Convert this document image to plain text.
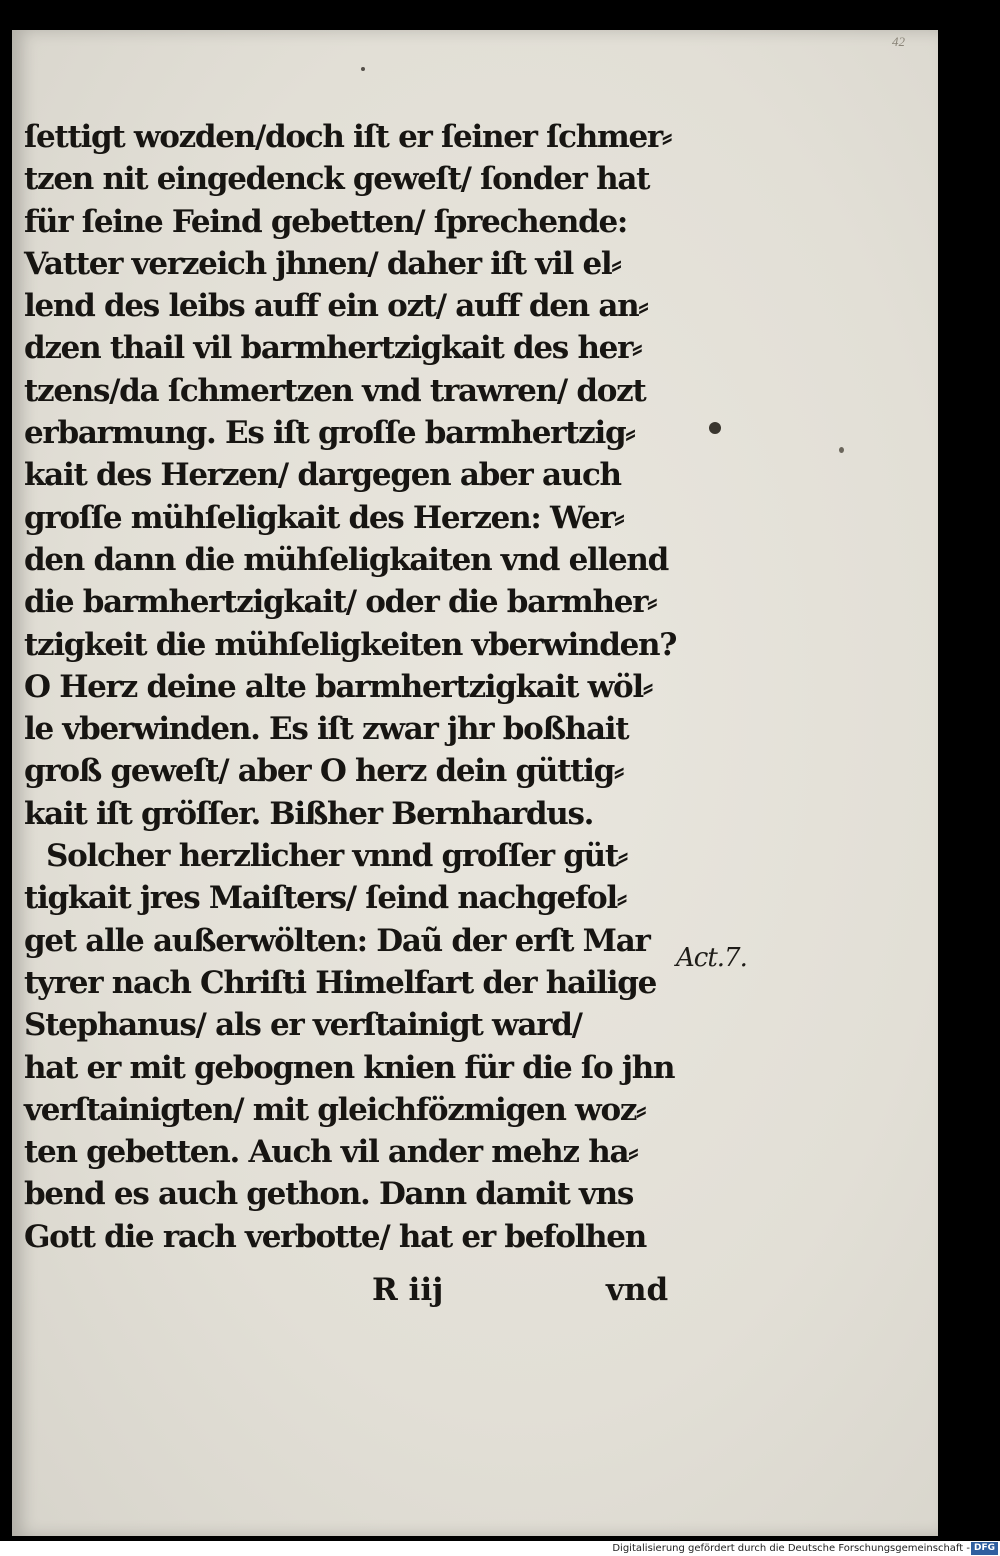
42
ſettigt wozden/doch iſt er ſeiner ſchmer⸗
tzen nit eingedenck geweſt/ ſonder hat
für ſeine Feind gebetten/ ſprechende:
Vatter verzeich jhnen/ daher iſt vil el⸗
lend des leibs auff ein ozt/ auff den an⸗
dzen thail vil barmhertzigkait des her⸗
tzens/da ſchmertzen vnd trawren/ dozt
erbarmung. Es iſt groſſe barmhertzig⸗
kait des Herzen/ dargegen aber auch
groſſe mühſeligkait des Herzen: Wer⸗
den dann die mühſeligkaiten vnd ellend
die barmhertzigkait/ oder die barmher⸗
tzigkeit die mühſeligkeiten vberwinden?
O Herz deine alte barmhertzigkait wöl⸗
le vberwinden. Es iſt zwar jhr boßhait
groß geweſt/ aber O herz dein güttig⸗
kait iſt gröſſer. Bißher Bernhardus.
Solcher herzlicher vnnd groſſer güt⸗
tigkait jres Maiſters/ ſeind nachgefol⸗
get alle außerwölten: Daũ der erſt Mar
tyrer nach Chriſti Himelfart der hailige
Stephanus/ als er verſtainigt ward/
hat er mit gebognen knien für die ſo jhn
verſtainigten/ mit gleichfözmigen woz⸗
ten gebetten. Auch vil ander mehz ha⸗
bend es auch gethon. Dann damit vns
Gott die rach verbotte/ hat er befolhen
Act.7.
R iij	vnd
Digitalisierung gefördert durch die Deutsche Forschungsgemeinschaft - DFG
